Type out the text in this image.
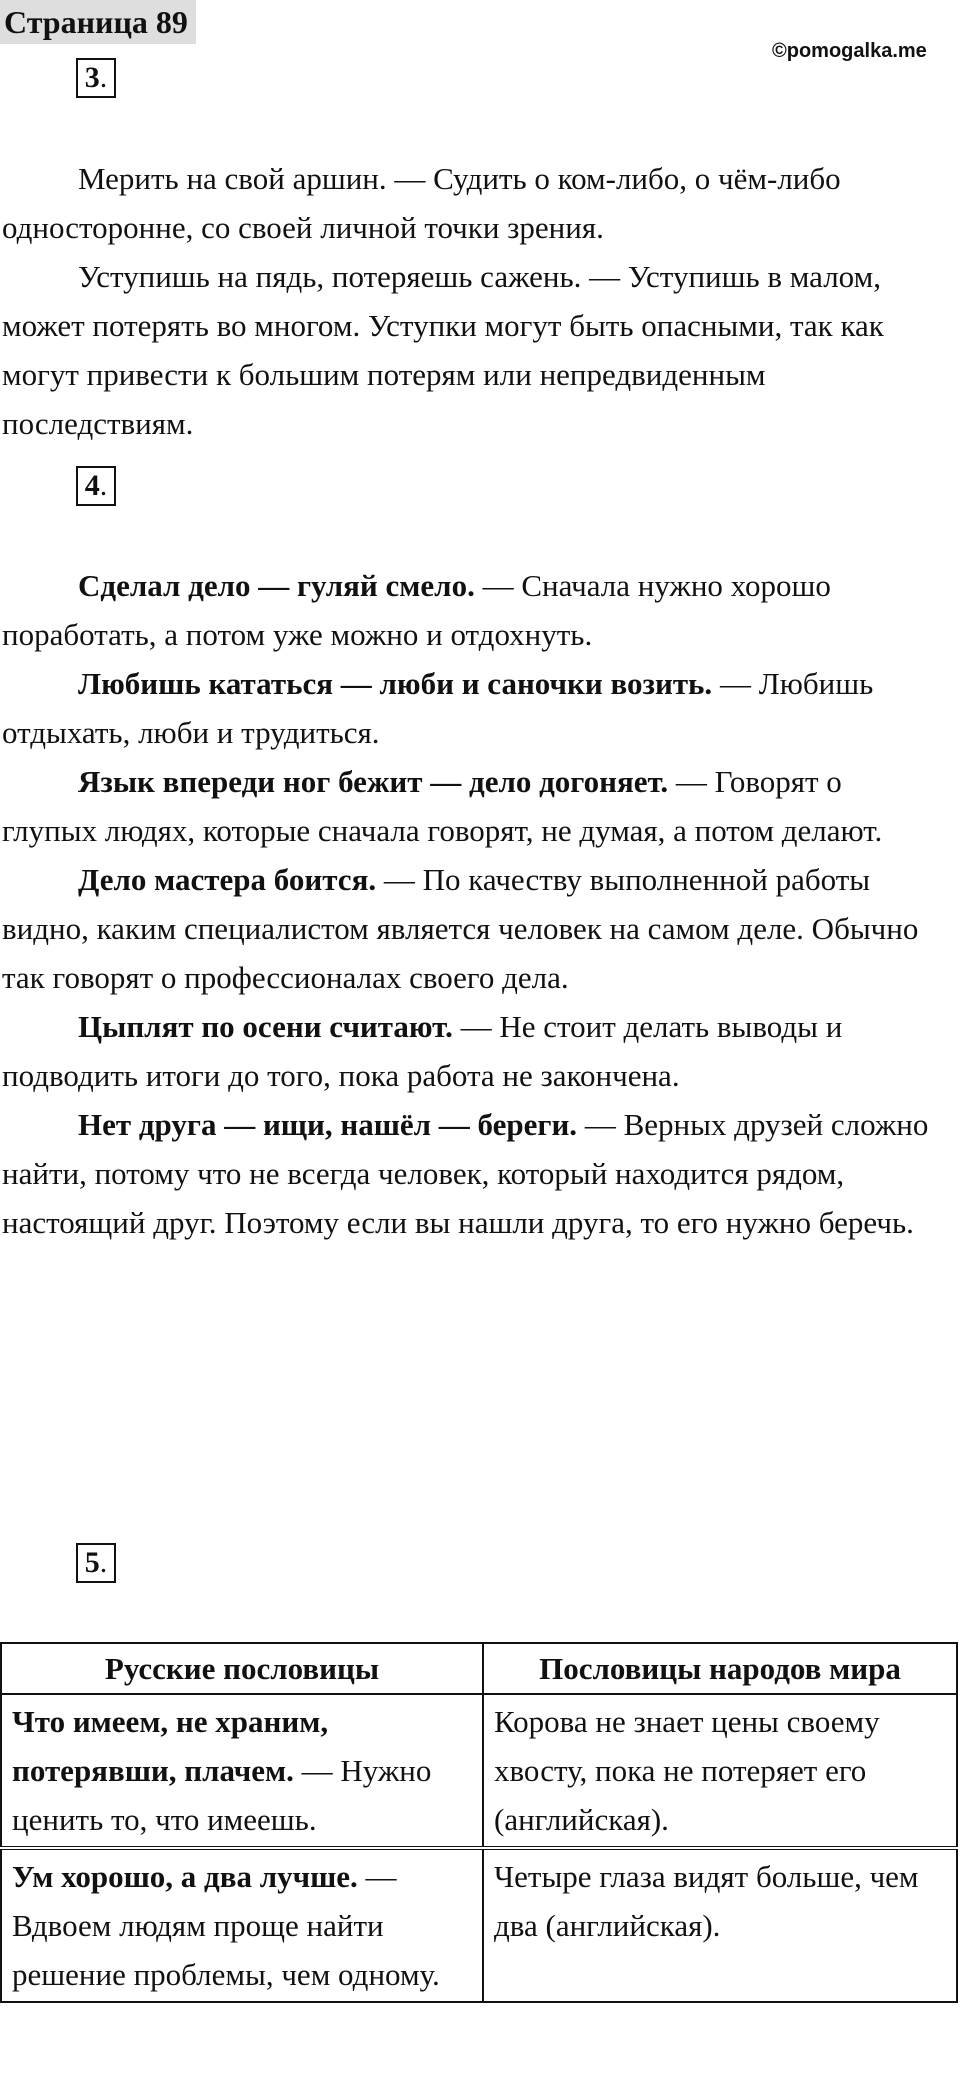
Страница 89
©pomogalka.me
3.

Мерить на свой аршин. — Судить о ком-либо, о чём-либо односторонне, со своей личной точки зрения.

Уступишь на пядь, потеряешь сажень. — Уступишь в малом, может потерять во многом. Уступки могут быть опасными, так как могут привести к большим потерям или непредвиденным последствиям.

4.

Сделал дело — гуляй смело. — Сначала нужно хорошо поработать, а потом уже можно и отдохнуть.

Любишь кататься — люби и саночки возить. — Любишь отдыхать, люби и трудиться.

Язык впереди ног бежит — дело догоняет. — Говорят о глупых людях, которые сначала говорят, не думая, а потом делают.

Дело мастера боится. — По качеству выполненной работы видно, каким специалистом является человек на самом деле. Обычно так говорят о профессионалах своего дела.

Цыплят по осени считают. — Не стоит делать выводы и подводить итоги до того, пока работа не закончена.

Нет друга — ищи, нашёл — береги. — Верных друзей сложно найти, потому что не всегда человек, который находится рядом, настоящий друг. Поэтому если вы нашли друга, то его нужно беречь.

5.
Русские пословицы	Пословицы народов мира
Что имеем, не храним, потерявши, плачем. — Нужно ценить то, что имеешь.	Корова не знает цены своему хвосту, пока не потеряет его (английская).
Ум хорошо, а два лучше. — Вдвоем людям проще найти решение проблемы, чем одному.	Четыре глаза видят больше, чем два (английская).
